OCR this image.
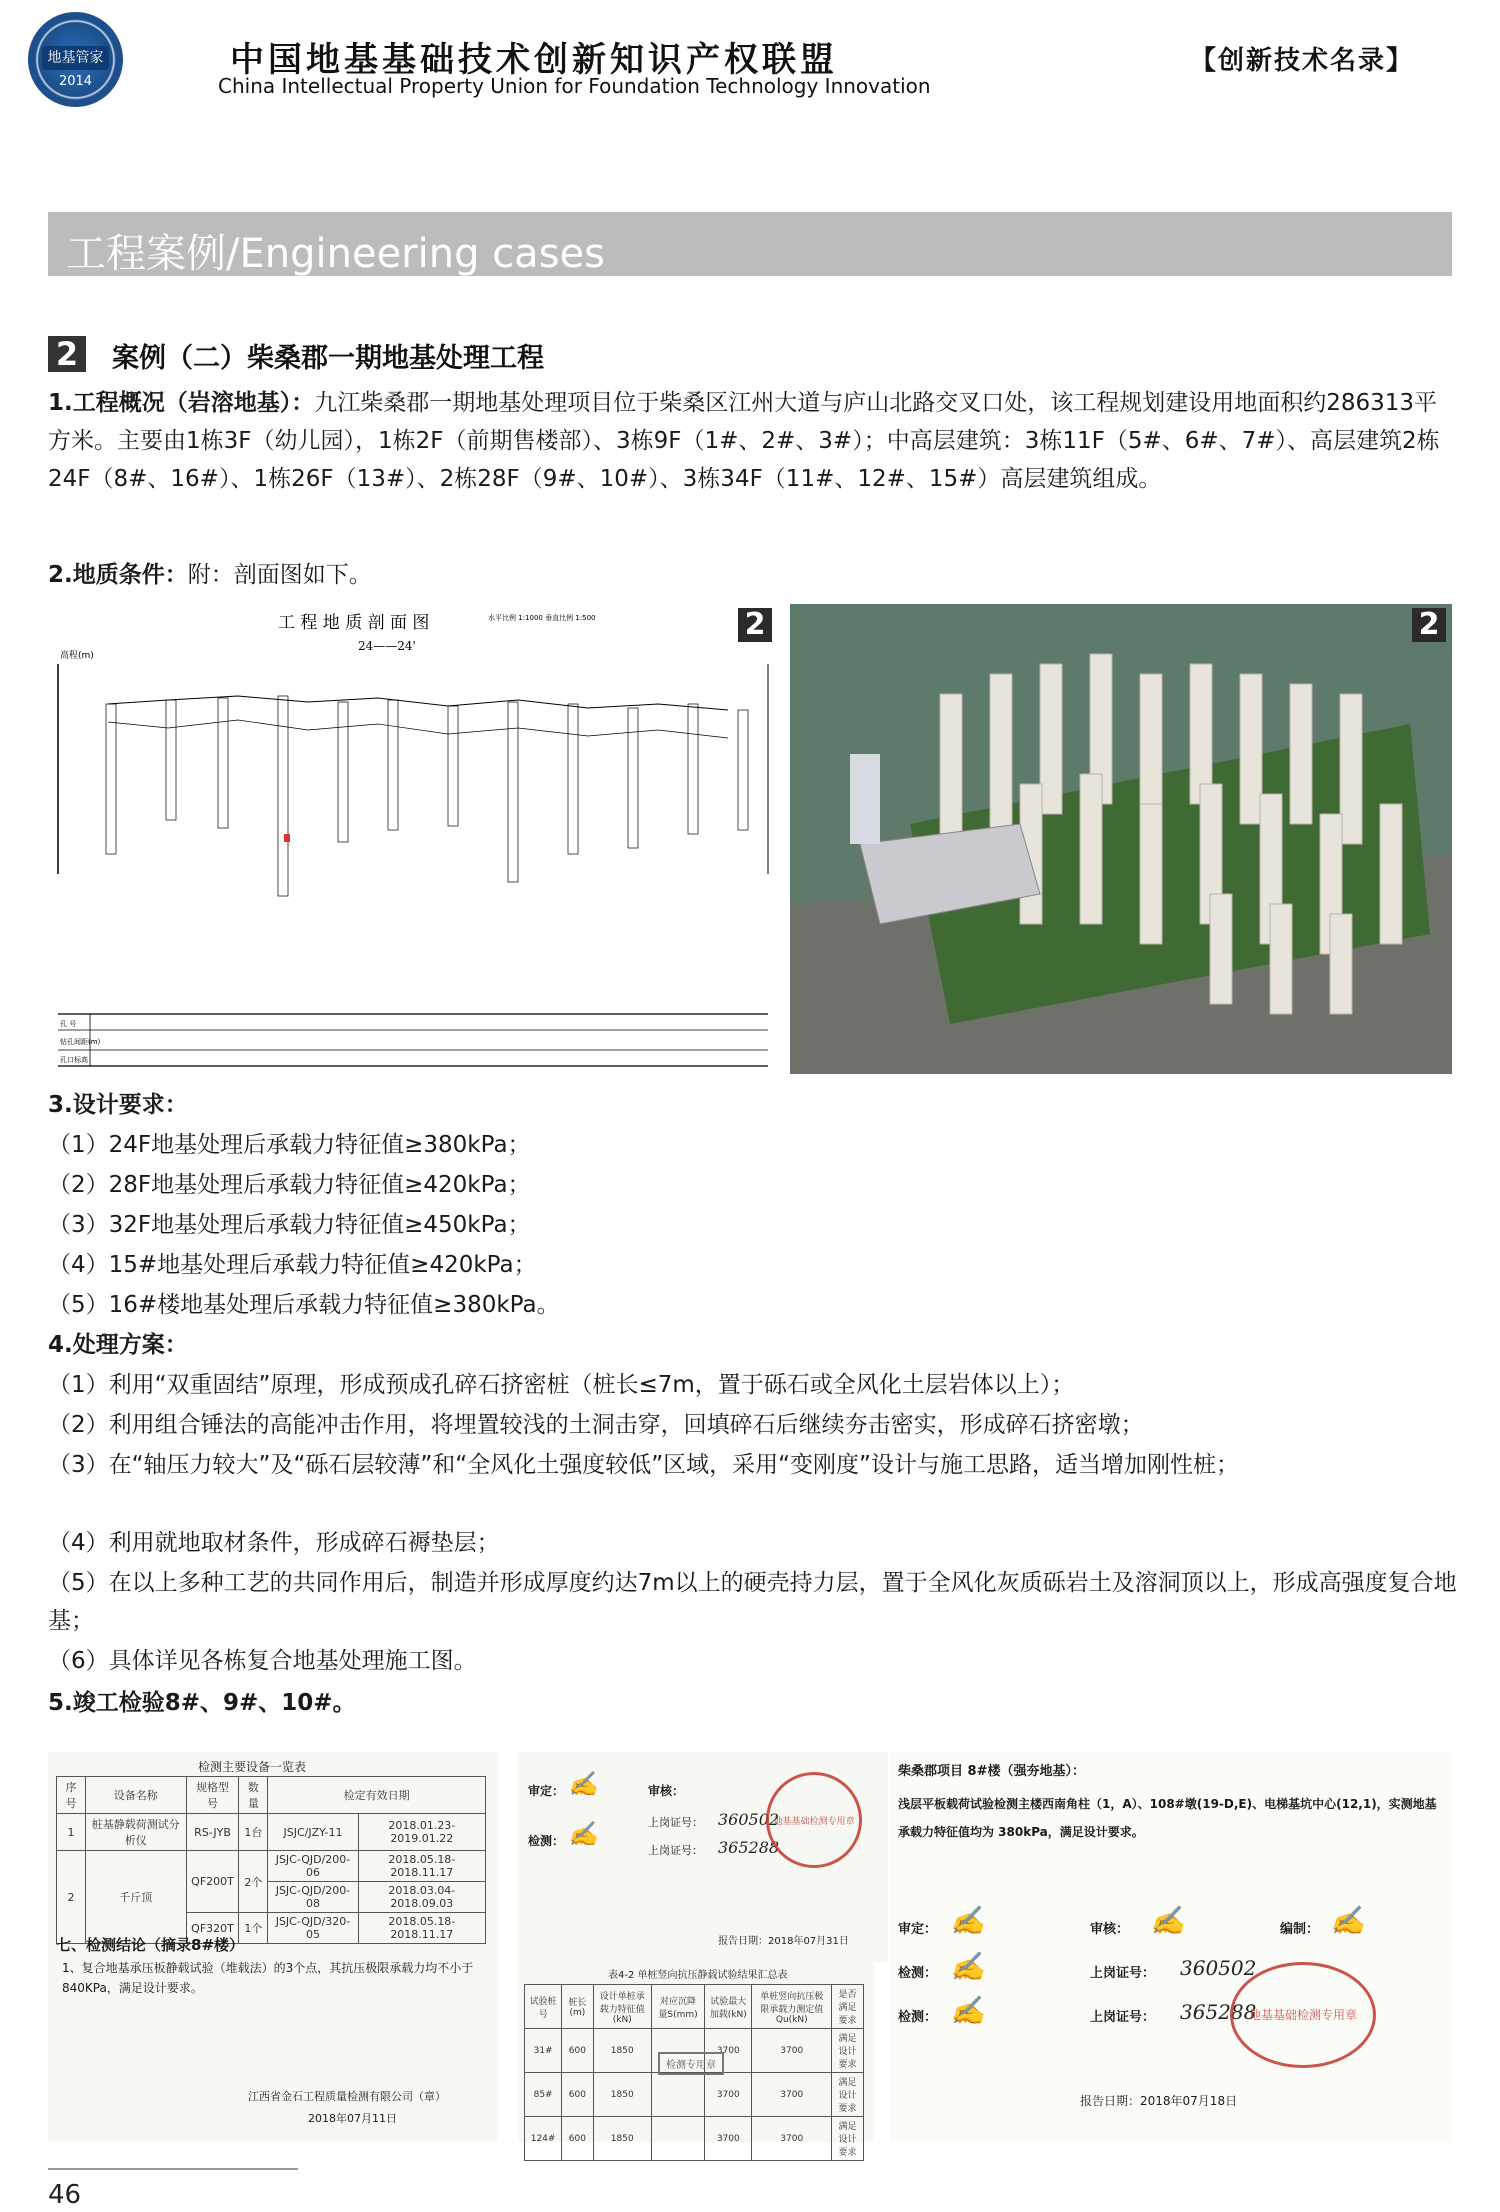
地基管家
2014
中国地基基础技术创新知识产权联盟
China Intellectual Property Union for Foundation Technology Innovation
【创新技术名录】
工程案例/Engineering cases
2 案例（二）柴桑郡一期地基处理工程
1.工程概况（岩溶地基）：九江柴桑郡一期地基处理项目位于柴桑区江州大道与庐山北路交叉口处，该工程规划建设用地面积约286313平方米。主要由1栋3F（幼儿园），1栋2F（前期售楼部）、3栋9F（1#、2#、3#）；中高层建筑：3栋11F（5#、6#、7#）、高层建筑2栋24F（8#、16#）、1栋26F（13#）、2栋28F（9#、10#）、3栋34F（11#、12#、15#）高层建筑组成。
2.地质条件：附：剖面图如下。
工 程 地 质 剖 面 图
24——24'
水平比例 1:1000 垂直比例 1:500
高程(m)
孔 号
钻孔间距(m)
孔口标高
2	2
3.设计要求：
（1）24F地基处理后承载力特征值≥380kPa；
（2）28F地基处理后承载力特征值≥420kPa；
（3）32F地基处理后承载力特征值≥450kPa；
（4）15#地基处理后承载力特征值≥420kPa；
（5）16#楼地基处理后承载力特征值≥380kPa。
4.处理方案：
（1）利用“双重固结”原理，形成预成孔碎石挤密桩（桩长≤7m，置于砾石或全风化土层岩体以上）；
（2）利用组合锤法的高能冲击作用，将埋置较浅的土洞击穿，回填碎石后继续夯击密实，形成碎石挤密墩；
（3）在“轴压力较大”及“砾石层较薄”和“全风化土强度较低”区域，采用“变刚度”设计与施工思路，适当增加刚性桩；
（4）利用就地取材条件，形成碎石褥垫层；
（5）在以上多种工艺的共同作用后，制造并形成厚度约达7m以上的硬壳持力层，置于全风化灰质砾岩土及溶洞顶以上，形成高强度复合地基；
（6）具体详见各栋复合地基处理施工图。
5.竣工检验8#、9#、10#。
检测主要设备一览表
序号	设备名称	规格型号	数量	检定有效日期	
1	桩基静载荷测试分析仪	RS-JYB	1台	JSJC/JZY-11	2018.01.23-2019.01.22
2	千斤顶	QF200T	2个	JSJC-QJD/200-06	2018.05.18-2018.11.17
				JSJC-QJD/200-08	2018.03.04-2018.09.03
		QF320T	1个	JSJC-QJD/320-05	2018.05.18-2018.11.17
七、检测结论（摘录8#楼）
1、复合地基承压板静载试验（堆载法）的3个点，其抗压极限承载力均不小于 840KPa，满足设计要求。
江西省金石工程质量检测有限公司（章）
2018年07月11日
审定： ✍
检测： ✍
审核：
上岗证号： 360502
上岗证号： 365288
地基基础检测专用章
报告日期：2018年07月31日
表4-2 单桩竖向抗压静载试验结果汇总表
试验桩号	桩长(m)	设计单桩承载力特征值(kN)	对应沉降量S(mm)	试验最大加载(kN)	单桩竖向抗压极限承载力测定值Qu(kN)	是否满足要求
31#	600	1850		3700	3700	满足设计要求
85#	600	1850		3700	3700	满足设计要求
124#	600	1850		3700	3700	满足设计要求
检测专用章
柴桑郡项目 8#楼（强夯地基）：
浅层平板载荷试验检测主楼西南角柱（1，A）、108#墩(19-D,E)、电梯基坑中心(12,1)，实测地基承载力特征值均为 380kPa，满足设计要求。
审定： ✍	审核： ✍	编制： ✍
检测： ✍	上岗证号： 360502
检测： ✍	上岗证号： 365288
地基基础检测专用章
报告日期：2018年07月18日
46
